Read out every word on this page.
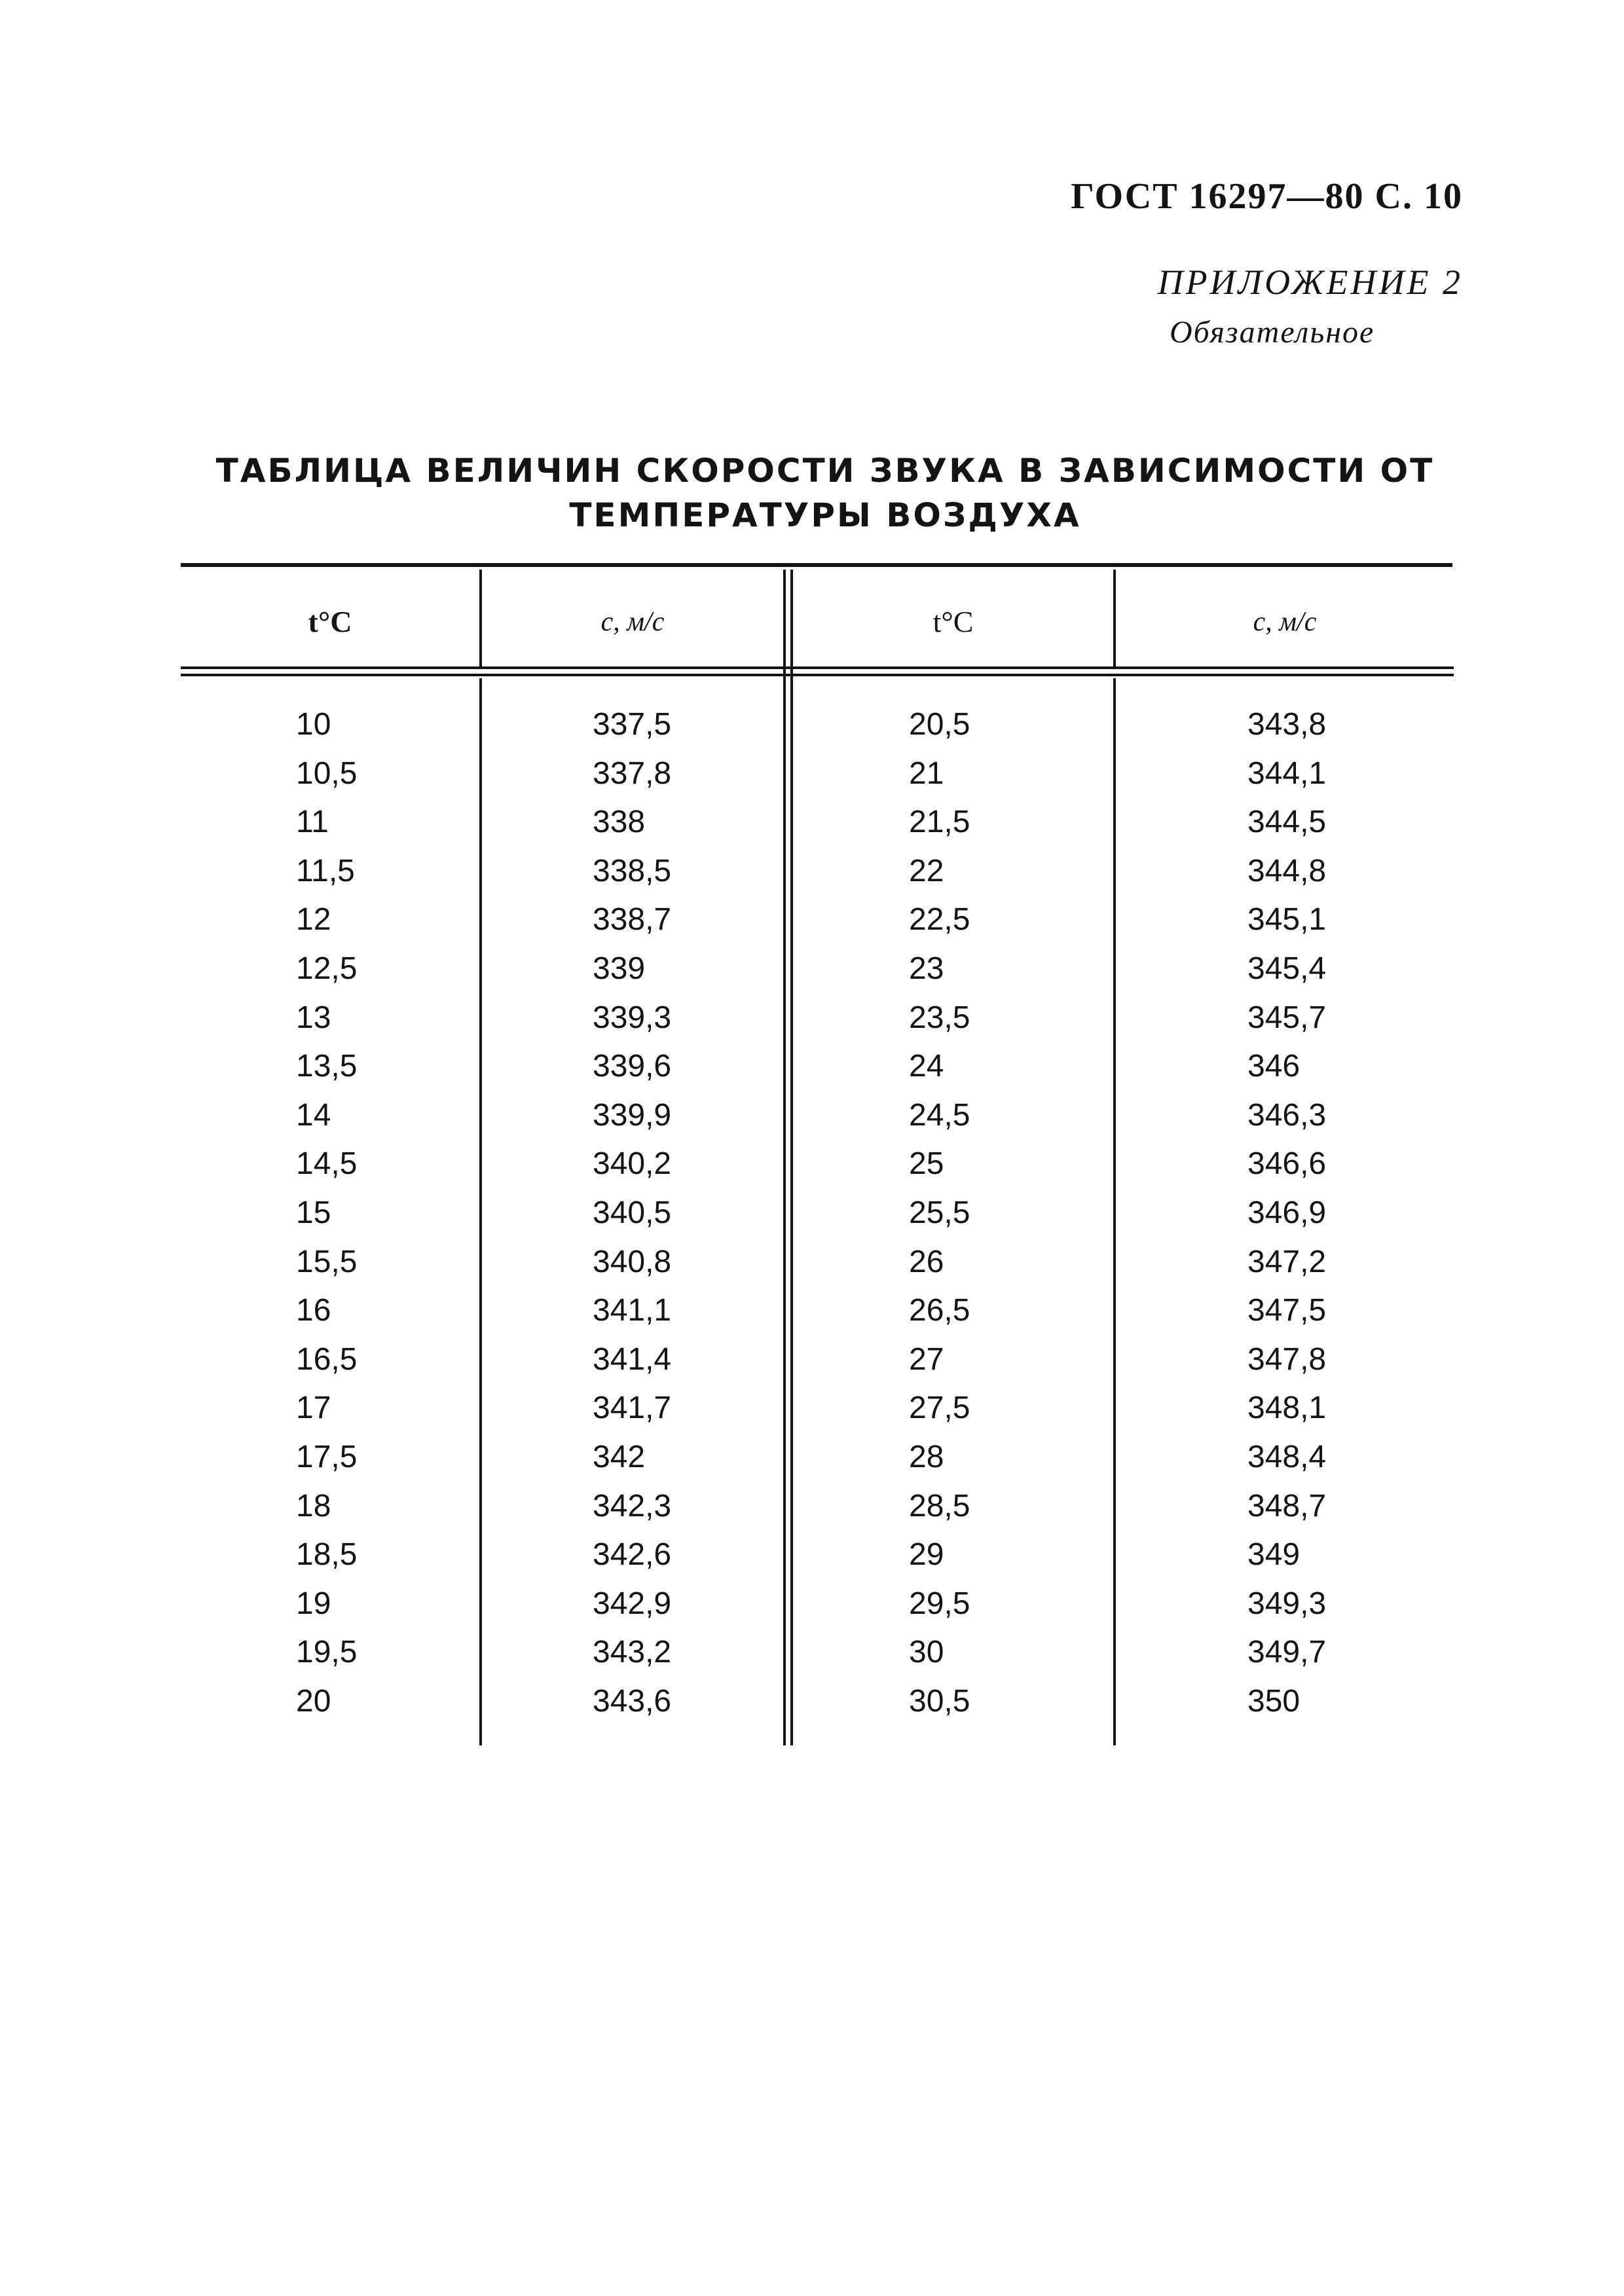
ГОСТ 16297—80 С. 10
ПРИЛОЖЕНИЕ 2
Обязательное
ТАБЛИЦА ВЕЛИЧИН СКОРОСТИ ЗВУКА В ЗАВИСИМОСТИ ОТ
ТЕМПЕРАТУРЫ ВОЗДУХА
t°C	c, м/с	t°C	c, м/с
10	337,5	20,5	343,8
10,5	337,8	21	344,1
11	338	21,5	344,5
11,5	338,5	22	344,8
12	338,7	22,5	345,1
12,5	339	23	345,4
13	339,3	23,5	345,7
13,5	339,6	24	346
14	339,9	24,5	346,3
14,5	340,2	25	346,6
15	340,5	25,5	346,9
15,5	340,8	26	347,2
16	341,1	26,5	347,5
16,5	341,4	27	347,8
17	341,7	27,5	348,1
17,5	342	28	348,4
18	342,3	28,5	348,7
18,5	342,6	29	349
19	342,9	29,5	349,3
19,5	343,2	30	349,7
20	343,6	30,5	350
